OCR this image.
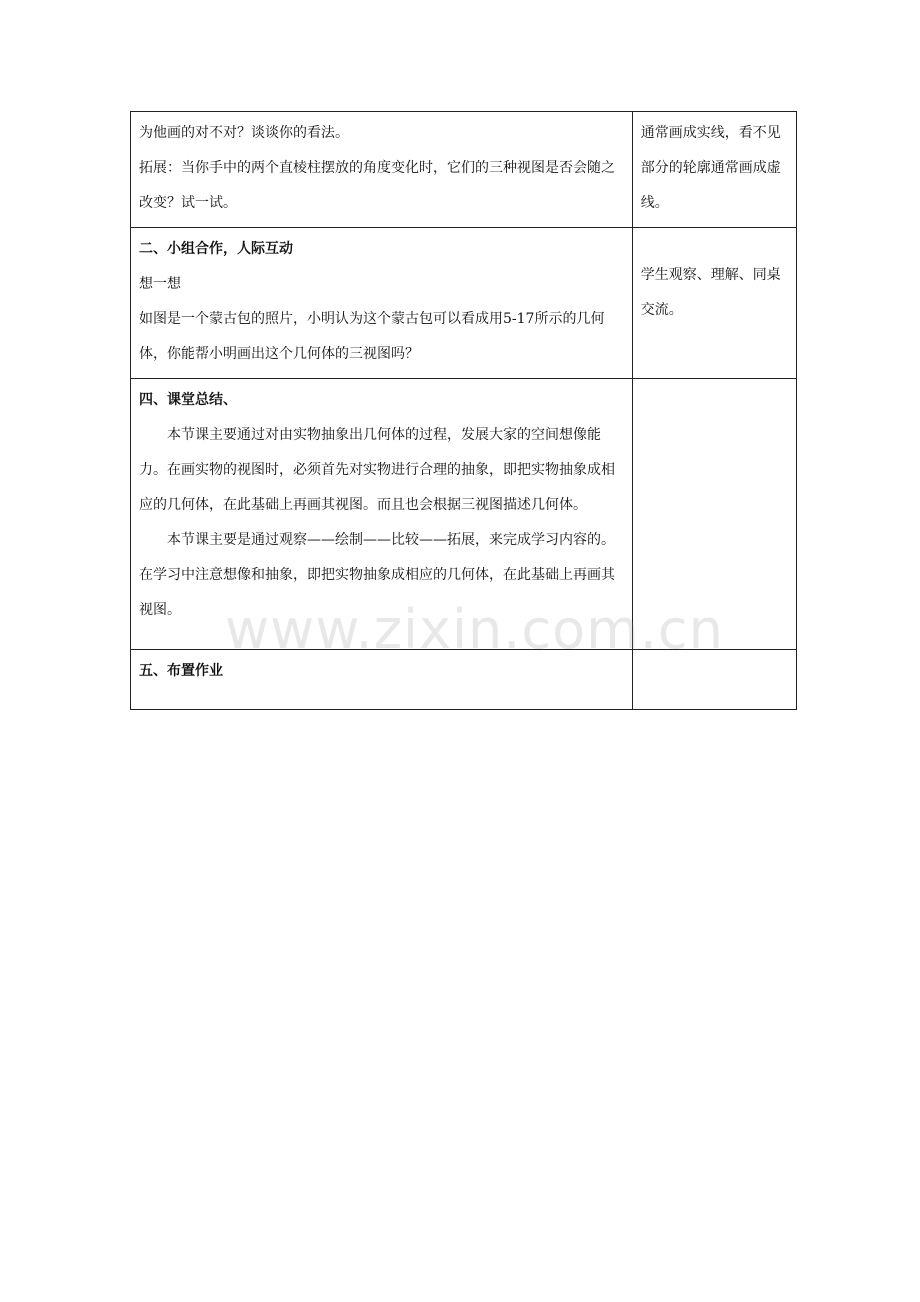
为他画的对不对？谈谈你的看法。

拓展：当你手中的两个直棱柱摆放的角度变化时，它们的三种视图是否会随之改变？试一试。	通常画成实线，看不见部分的轮廓通常画成虚线。

二、小组合作，人际互动

想一想

如图是一个蒙古包的照片，小明认为这个蒙古包可以看成用5-17所示的几何体，你能帮小明画出这个几何体的三视图吗？	学生观察、理解、同桌交流。

四、课堂总结、

本节课主要通过对由实物抽象出几何体的过程，发展大家的空间想像能力。在画实物的视图时，必须首先对实物进行合理的抽象，即把实物抽象成相应的几何体，在此基础上再画其视图。而且也会根据三视图描述几何体。

本节课主要是通过观察——绘制——比较——拓展，来完成学习内容的。在学习中注意想像和抽象，即把实物抽象成相应的几何体，在此基础上再画其视图。	

五、布置作业	

www.zixin.com.cn
